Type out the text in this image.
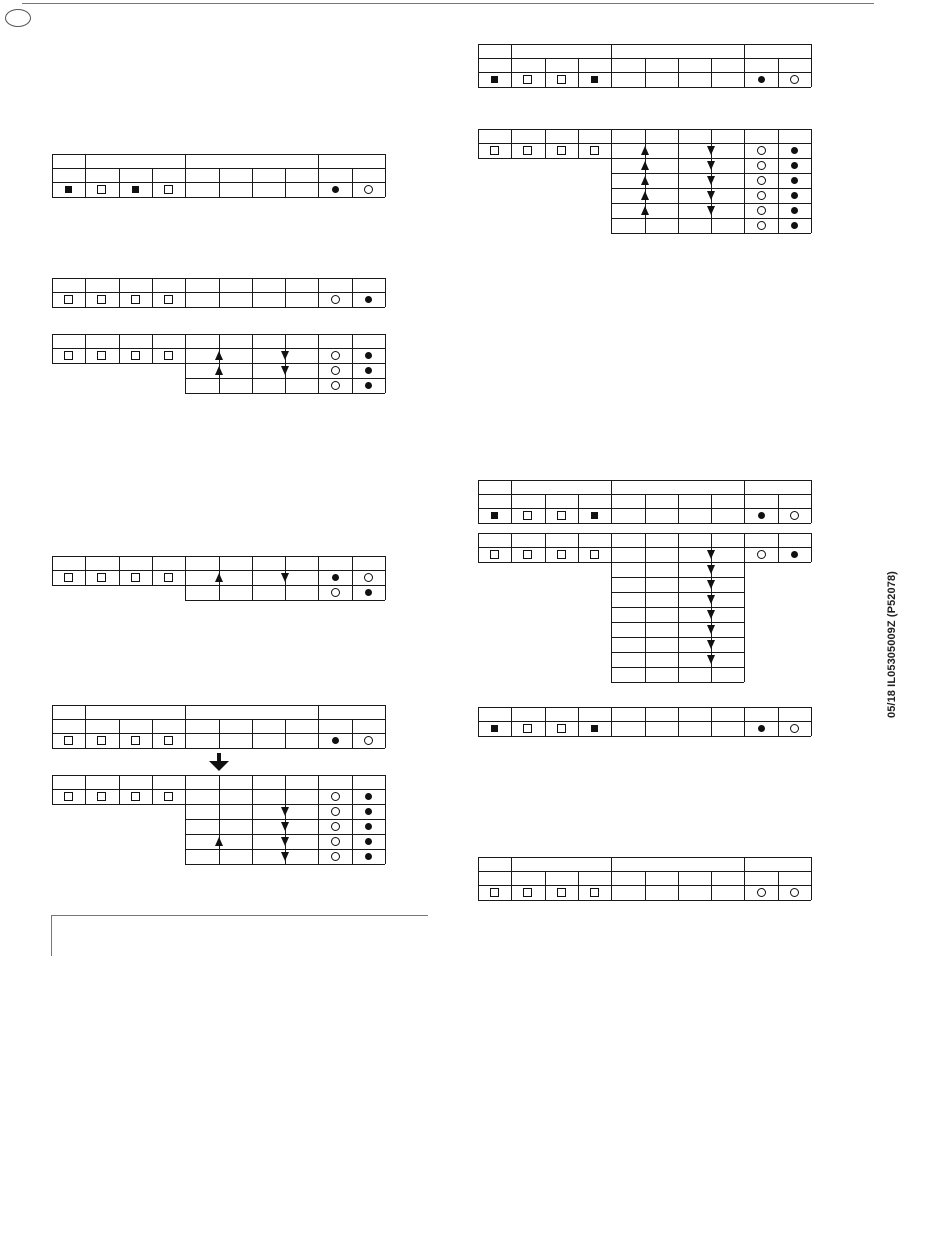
05/18 IL05305009Z (P52078)
